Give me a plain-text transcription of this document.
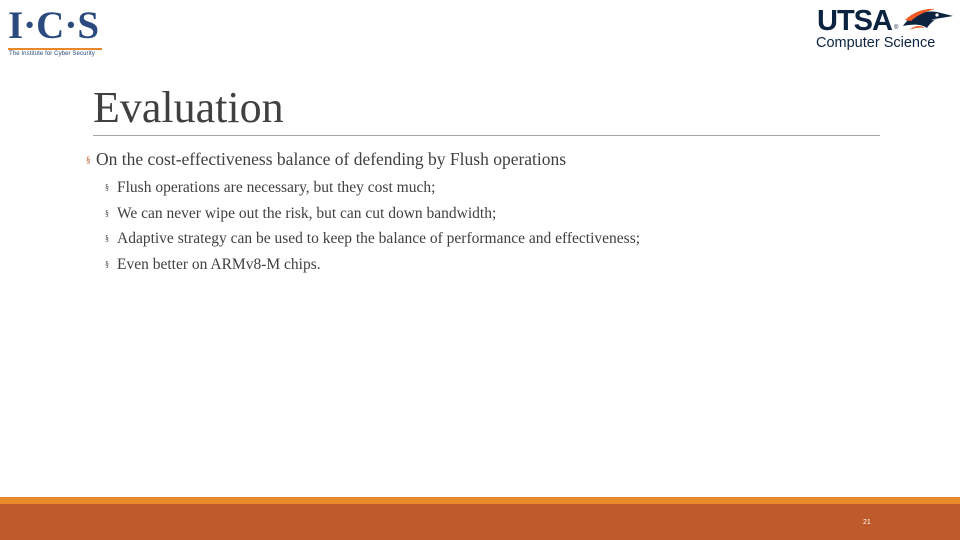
I·C·S
The Institute for Cyber Security
UTSA ®
Computer Science
Evaluation
§ On the cost-effectiveness balance of defending by Flush operations
§ Flush operations are necessary, but they cost much;
§ We can never wipe out the risk, but can cut down bandwidth;
§ Adaptive strategy can be used to keep the balance of performance and effectiveness;
§ Even better on ARMv8-M chips.
21
